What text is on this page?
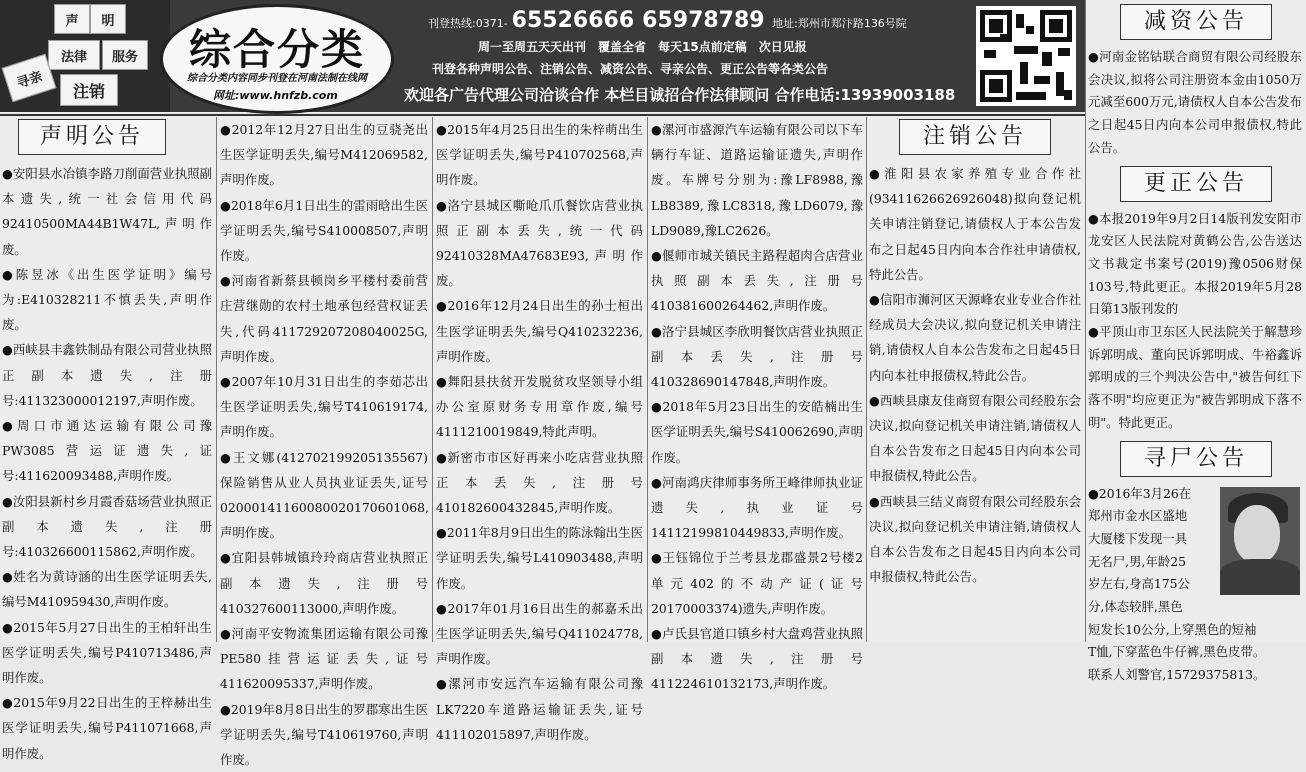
声	明
法律	服务
注销
寻亲
综合分类
综合分类内容同步刊登在河南法制在线网
网址:www.hnfzb.com
刊登热线:0371- 65526666 65978789 地址:郑州市郑汴路136号院
周一至周五天天出刊　覆盖全省　每天15点前定稿　次日见报
刊登各种声明公告、注销公告、减资公告、寻亲公告、更正公告等各类公告
欢迎各广告代理公司洽谈合作 本栏目诚招合作法律顾问 合作电话:13939003188
声明公告

●安阳县水冶镇李路刀削面营业执照副本遗失,统一社会信用代码92410500MA44B1W47L,声明作废。

●陈昱冰《出生医学证明》编号为:E410328211不慎丢失,声明作废。

●西峡县丰鑫铁制品有限公司营业执照正副本遗失,注册号:411323000012197,声明作废。

●周口市通达运输有限公司豫PW3085营运证遗失,证号:411620093488,声明作废。

●汝阳县新村乡月霞香菇场营业执照正副本遗失,注册号:410326600115862,声明作废。

●姓名为黄诗涵的出生医学证明丢失,编号M410959430,声明作废。

●2015年5月27日出生的王柏轩出生医学证明丢失,编号P410713486,声明作废。

●2015年9月22日出生的王梓赫出生医学证明丢失,编号P411071668,声明作废。

●2012年12月27日出生的豆骁尧出生医学证明丢失,编号M412069582,声明作废。

●2018年6月1日出生的雷雨晗出生医学证明丢失,编号S410008507,声明作废。

●河南省新蔡县顿岗乡平楼村委前营庄营继勋的农村土地承包经营权证丢失,代码411729207208040025G,声明作废。

●2007年10月31日出生的李茹芯出生医学证明丢失,编号T410619174,声明作废。

●王文娜(412702199205135567)保险销售从业人员执业证丢失,证号02000141160080020170601068,声明作废。

●宜阳县韩城镇玲玲商店营业执照正副本遗失,注册号410327600113000,声明作废。

●河南平安物流集团运输有限公司豫PE580挂营运证丢失,证号411620095337,声明作废。

●2019年8月8日出生的罗郡寒出生医学证明丢失,编号T410619760,声明作废。

●2015年4月25日出生的朱梓萌出生医学证明丢失,编号P410702568,声明作废。

●洛宁县城区嘶呛爪爪餐饮店营业执照正副本丢失,统一代码92410328MA47683E93,声明作废。

●2016年12月24日出生的孙士桓出生医学证明丢失,编号Q410232236,声明作废。

●舞阳县扶贫开发脱贫攻坚领导小组办公室原财务专用章作废,编号4111210019849,特此声明。

●新密市市区好再来小吃店营业执照正本丢失,注册号410182600432845,声明作废。

●2011年8月9日出生的陈泳翰出生医学证明丢失,编号L410903488,声明作废。

●2017年01月16日出生的郝嘉禾出生医学证明丢失,编号Q411024778,声明作废。

●漯河市安远汽车运输有限公司豫LK7220车道路运输证丢失,证号411102015897,声明作废。

●漯河市盛源汽车运输有限公司以下车辆行车证、道路运输证遗失,声明作废。车牌号分别为:豫LF8988,豫LB8389,豫LC8318,豫LD6079,豫LD9089,豫LC2626。

●偃师市城关镇民主路程超肉合店营业执照副本丢失,注册号410381600264462,声明作废。

●洛宁县城区李欣明餐饮店营业执照正副本丢失,注册号410328690147848,声明作废。

●2018年5月23日出生的安皓楠出生医学证明丢失,编号S410062690,声明作废。

●河南鸿庆律师事务所王峰律师执业证遗失,执业证号14112199810449833,声明作废。

●王钰锦位于兰考县龙郡盛景2号楼2单元402的不动产证(证号20170003374)遗失,声明作废。

●卢氏县官道口镇乡村大盘鸡营业执照副本遗失,注册号411224610132173,声明作废。

注销公告

●淮阳县农家养殖专业合作社(93411626626926048)拟向登记机关申请注销登记,请债权人于本公告发布之日起45日内向本合作社申请债权,特此公告。

●信阳市浉河区天源峰农业专业合作社经成员大会决议,拟向登记机关申请注销,请债权人自本公告发布之日起45日内向本社申报债权,特此公告。

●西峡县康友佳商贸有限公司经股东会决议,拟向登记机关申请注销,请债权人自本公告发布之日起45日内向本公司申报债权,特此公告。

●西峡县三结义商贸有限公司经股东会决议,拟向登记机关申请注销,请债权人自本公告发布之日起45日内向本公司申报债权,特此公告。

减资公告

●河南金铭钴联合商贸有限公司经股东会决议,拟将公司注册资本金由1050万元减至600万元,请债权人自本公告发布之日起45日内向本公司申报债权,特此公告。

更正公告

●本报2019年9月2日14版刊发安阳市龙安区人民法院对黄鹤公告,公告送达文书裁定书案号(2019)豫0506财保103号,特此更正。本报2019年5月28日第13版刊发的

●平顶山市卫东区人民法院关于解慧珍诉郭明成、董向民诉郭明成、牛裕鑫诉郭明成的三个判决公告中,"被告何红下落不明"均应更正为"被告郭明成下落不明"。特此更正。

寻尸公告

●2016年3月26在

郑州市金水区盛地

大厦楼下发现一具

无名尸,男,年龄25

岁左右,身高175公

分,体态较胖,黑色

短发长10公分,上穿黑色的短袖

T恤,下穿蓝色牛仔裤,黑色皮带。

联系人刘警官,15729375813。
